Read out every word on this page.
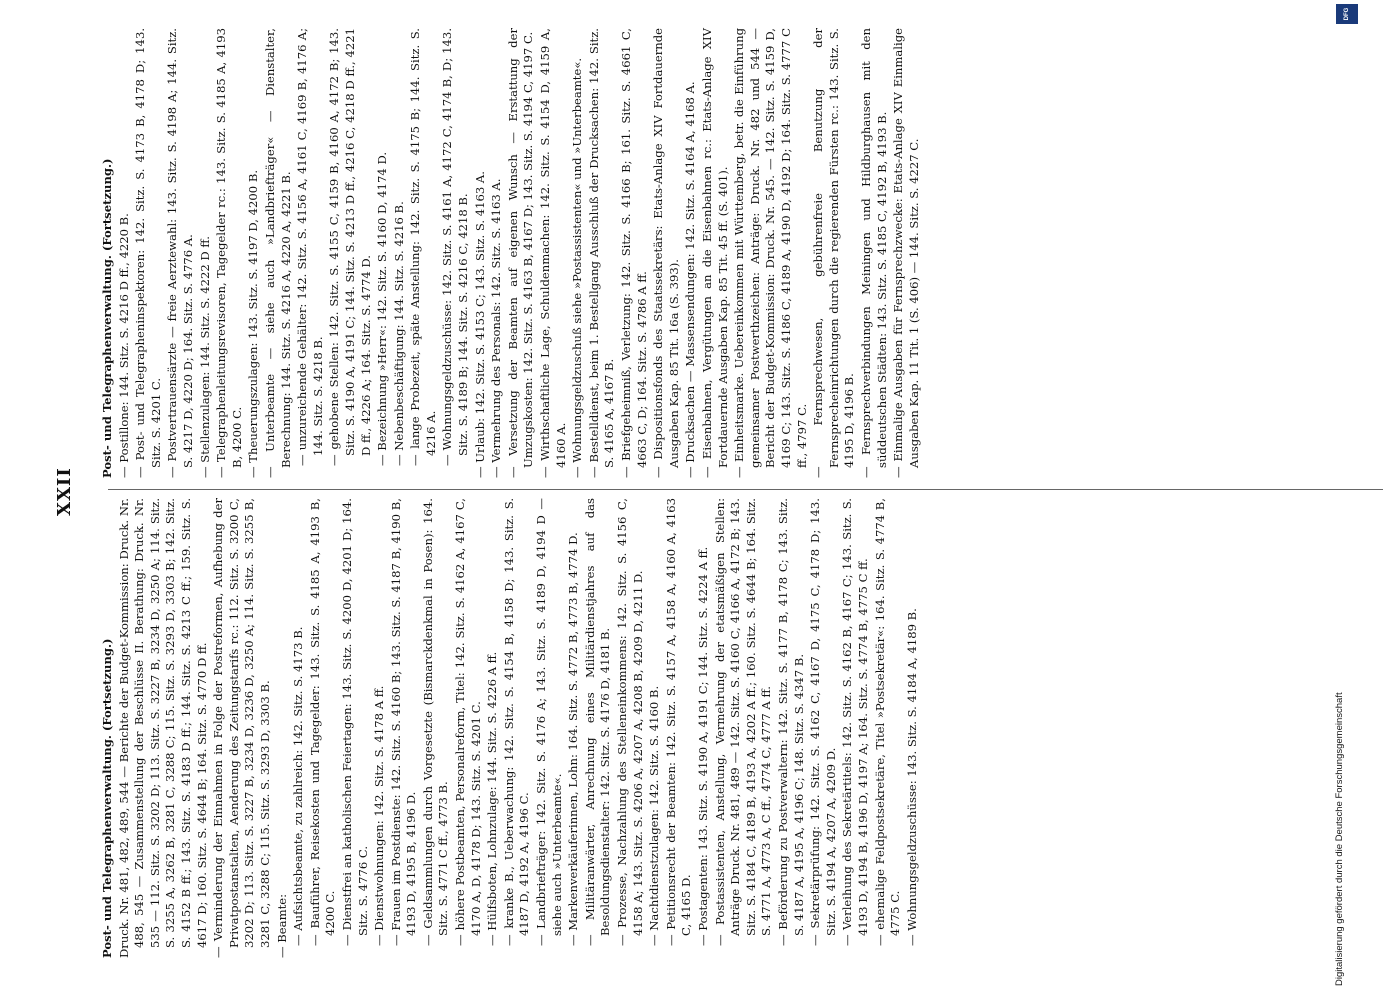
XXII
Post- und Telegraphenverwaltung. (Fortsetzung.) Druck. Nr. 481, 482, 489, 544 — Berichte der Budget-Kommission: Druck. Nr. 488, 545 — Zusammenstellung der Beschlüsse II. Berathung: Druck. Nr. 535 — 112. Sitz. S. 3202 D; 113. Sitz. S. 3227 B, 3234 D, 3250 A; 114. Sitz. S. 3255 A, 3262 B, 3281 C, 3288 C; 115. Sitz. S. 3293 D, 3303 B; 142. Sitz. S. 4152 B ff.; 143. Sitz. S. 4183 D ff.; 144. Sitz. S. 4213 C ff.; 159. Sitz. S. 4617 D; 160. Sitz. S. 4644 B; 164. Sitz. S. 4770 D ff. — Verminderung der Einnahmen in Folge der Postreformen, Aufhebung der Privatpostanstalten, Aenderung des Zeitungstarifs rc.: 112. Sitz. S. 3200 C, 3202 D; 113. Sitz. S. 3227 B, 3234 D, 3236 D, 3250 A; 114. Sitz. S. 3255 B, 3281 C, 3288 C; 115. Sitz. S. 3293 D, 3303 B. — Beamte: — Aufsichtsbeamte, zu zahlreich: 142. Sitz. S. 4173 B. — Bauführer, Reisekosten und Tagegelder: 143. Sitz. S. 4185 A, 4193 B, 4200 C. — Dienstfrei an katholischen Feiertagen: 143. Sitz. S. 4200 D, 4201 D; 164. Sitz. S. 4776 C. — Dienstwohnungen: 142. Sitz. S. 4178 A ff. — Frauen im Postdienste: 142. Sitz. S. 4160 B; 143. Sitz. S. 4187 B, 4190 B, 4193 D, 4195 B, 4196 D. — Geldsammlungen durch Vorgesetzte (Bismarckdenkmal in Posen): 164. Sitz. S. 4771 C ff., 4773 B. — höhere Postbeamten, Personalreform, Titel: 142. Sitz. S. 4162 A, 4167 C, 4170 A, D, 4178 D; 143. Sitz. S. 4201 C. — Hülfsboten, Lohnzulage: 144. Sitz. S. 4226 A ff. — kranke B., Ueberwachung: 142. Sitz. S. 4154 B, 4158 D; 143. Sitz. S. 4187 D, 4192 A, 4196 C. — Landbriefträger: 142. Sitz. S. 4176 A; 143. Sitz. S. 4189 D, 4194 D — siehe auch »Unterbeamte«. — Markenverkäuferinnen, Lohn: 164. Sitz. S. 4772 B, 4773 B, 4774 D. — Militäranwärter, Anrechnung eines Militärdienstjahres auf das Besoldungsdienstalter: 142. Sitz. S. 4176 D, 4181 B. — Prozesse, Nachzahlung des Stelleneinkommens: 142. Sitz. S. 4156 C, 4158 A; 143. Sitz. S. 4206 A, 4207 A, 4208 B, 4209 D, 4211 D. — Nachtdienstzulagen: 142. Sitz. S. 4160 B. — Petitionsrecht der Beamten: 142. Sitz. S. 4157 A, 4158 A, 4160 A, 4163 C, 4165 D. — Postagenten: 143. Sitz. S. 4190 A, 4191 C; 144. Sitz. S. 4224 A ff. — Postassistenten, Anstellung, Vermehrung der etatsmäßigen Stellen: Anträge Druck. Nr. 481, 489 — 142. Sitz. S. 4160 C, 4166 A, 4172 B; 143. Sitz. S. 4184 C, 4189 B, 4193 A, 4202 A ff.; 160. Sitz. S. 4644 B; 164. Sitz. S. 4771 A, 4773 A, C ff., 4774 C, 4777 A ff. — Beförderung zu Postverwaltern: 142. Sitz. S. 4177 B, 4178 C; 143. Sitz. S. 4187 A, 4195 A, 4196 C; 148. Sitz. S. 4347 B. — Sekretärprüfung: 142. Sitz. S. 4162 C, 4167 D, 4175 C, 4178 D; 143. Sitz. S. 4194 A, 4207 A, 4209 D. — Verleihung des Sekretärtitels: 142. Sitz. S. 4162 B, 4167 C; 143. Sitz. S. 4193 D, 4194 B, 4196 D, 4197 A; 164. Sitz. S. 4774 B, 4775 C ff. — ehemalige Feldpostsekretäre, Titel »Postsekretär«: 164. Sitz. S. 4774 B, 4775 C. — Wohnungsgeldzuschüsse: 143. Sitz. S. 4184 A, 4189 B.
Post- und Telegraphenverwaltung. (Fortsetzung.) — Postillone: 144. Sitz. S. 4216 D ff., 4220 B. — Post- und Telegrapheninspektoren: 142. Sitz. S. 4173 B, 4178 D; 143. Sitz. S. 4201 C. — Postvertrauensärzte — freie Aerztewahl: 143. Sitz. S. 4198 A; 144. Sitz. S. 4217 D, 4220 D; 164. Sitz. S. 4776 A. — Stellenzulagen: 144. Sitz. S. 4222 D ff. — Telegraphenleitungsrevisoren, Tagegelder rc.: 143. Sitz. S. 4185 A, 4193 B, 4200 C. — Theuerungszulagen: 143. Sitz. S. 4197 D, 4200 B. — Unterbeamte — siehe auch »Landbriefträger« — Dienstalter, Berechnung: 144. Sitz. S. 4216 A, 4220 A, 4221 B. — unzureichende Gehälter: 142. Sitz. S. 4156 A, 4161 C, 4169 B, 4176 A; 144. Sitz. S. 4218 B. — gehobene Stellen: 142. Sitz. S. 4155 C, 4159 B, 4160 A, 4172 B; 143. Sitz. S. 4190 A, 4191 C; 144. Sitz. S. 4213 D ff., 4216 C, 4218 D ff., 4221 D ff., 4226 A; 164. Sitz. S. 4774 D. — Bezeichnung »Herr«: 142. Sitz. S. 4160 D, 4174 D. — Nebenbeschäftigung: 144. Sitz. S. 4216 B. — lange Probezeit, späte Anstellung: 142. Sitz. S. 4175 B; 144. Sitz. S. 4216 A. — Wohnungsgeldzuschüsse: 142. Sitz. S. 4161 A, 4172 C, 4174 B, D; 143. Sitz. S. 4189 B; 144. Sitz. S. 4216 C, 4218 B. — Urlaub: 142. Sitz. S. 4153 C; 143. Sitz. S. 4163 A. — Vermehrung des Personals: 142. Sitz. S. 4163 A. — Versetzung der Beamten auf eigenen Wunsch — Erstattung der Umzugskosten: 142. Sitz. S. 4163 B, 4167 D; 143. Sitz. S. 4194 C, 4197 C. — Wirthschaftliche Lage, Schuldenmachen: 142. Sitz. S. 4154 D, 4159 A, 4160 A. — Wohnungsgeldzuschuß siehe »Postassistenten« und »Unterbeamte«. — Bestelldienst, beim 1. Bestellgang Ausschluß der Drucksachen: 142. Sitz. S. 4165 A, 4167 B. — Briefgeheimniß, Verletzung: 142. Sitz. S. 4166 B; 161. Sitz. S. 4661 C, 4663 C, D; 164. Sitz. S. 4786 A ff. — Dispositionsfonds des Staatssekretärs: Etats-Anlage XIV Fortdauernde Ausgaben Kap. 85 Tit. 16a (S. 393). — Drucksachen — Massensendungen: 142. Sitz. S. 4164 A, 4168 A. — Eisenbahnen, Vergütungen an die Eisenbahnen rc.: Etats-Anlage XIV Fortdauernde Ausgaben Kap. 85 Tit. 45 ff. (S. 401). — Einheitsmarke. Uebereinkommen mit Württemberg, betr. die Einführung gemeinsamer Postwerthzeichen: Anträge: Druck. Nr. 482 und 544 — Bericht der Budget-Kommission: Druck. Nr. 545. — 142. Sitz. S. 4159 D, 4169 C; 143. Sitz. S. 4186 C, 4189 A, 4190 D, 4192 D; 164. Sitz. S. 4777 C ff., 4797 C. — Fernsprechwesen, gebührenfreie Benutzung der Fernsprecheinrichtungen durch die regierenden Fürsten rc.: 143. Sitz. S. 4195 D, 4196 B. — Fernsprechverbindungen Meiningen und Hildburghausen mit den süddeutschen Städten: 143. Sitz. S. 4185 C, 4192 B, 4193 B. — Einmalige Ausgaben für Fernsprechzwecke: Etats-Anlage XIV Einmalige Ausgaben Kap. 11 Tit. 1 (S. 406) — 144. Sitz. S. 4227 C.
Digitalisierung gefördert durch die Deutsche Forschungsgemeinschaft
DFG
